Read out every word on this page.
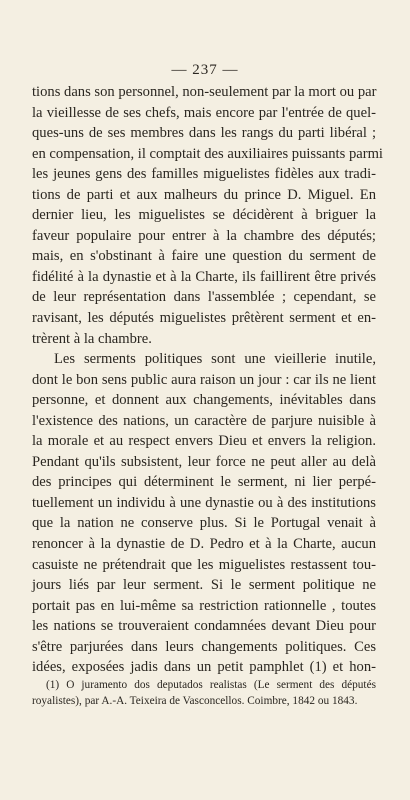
— 237 —
tions dans son personnel, non-seulement par la mort ou par
la vieillesse de ses chefs, mais encore par l'entrée de quel-
ques-uns de ses membres dans les rangs du parti libéral ;
en compensation, il comptait des auxiliaires puissants parmi
les jeunes gens des familles miguelistes fidèles aux tradi-
tions de parti et aux malheurs du prince D. Miguel. En
dernier lieu, les miguelistes se décidèrent à briguer la
faveur populaire pour entrer à la chambre des députés;
mais, en s'obstinant à faire une question du serment de
fidélité à la dynastie et à la Charte, ils faillirent être privés
de leur représentation dans l'assemblée ; cependant, se
ravisant, les députés miguelistes prêtèrent serment et en-
trèrent à la chambre.
Les serments politiques sont une vieillerie inutile,
dont le bon sens public aura raison un jour : car ils ne lient
personne, et donnent aux changements, inévitables dans
l'existence des nations, un caractère de parjure nuisible à
la morale et au respect envers Dieu et envers la religion.
Pendant qu'ils subsistent, leur force ne peut aller au delà
des principes qui déterminent le serment, ni lier perpé-
tuellement un individu à une dynastie ou à des institutions
que la nation ne conserve plus. Si le Portugal venait à
renoncer à la dynastie de D. Pedro et à la Charte, aucun
casuiste ne prétendrait que les miguelistes restassent tou-
jours liés par leur serment. Si le serment politique ne
portait pas en lui-même sa restriction rationnelle , toutes
les nations se trouveraient condamnées devant Dieu pour
s'être parjurées dans leurs changements politiques. Ces
idées, exposées jadis dans un petit pamphlet (1) et hon-
(1) O juramento dos deputados realistas (Le serment des députés
royalistes), par A.-A. Teixeira de Vasconcellos. Coimbre, 1842 ou 1843.
